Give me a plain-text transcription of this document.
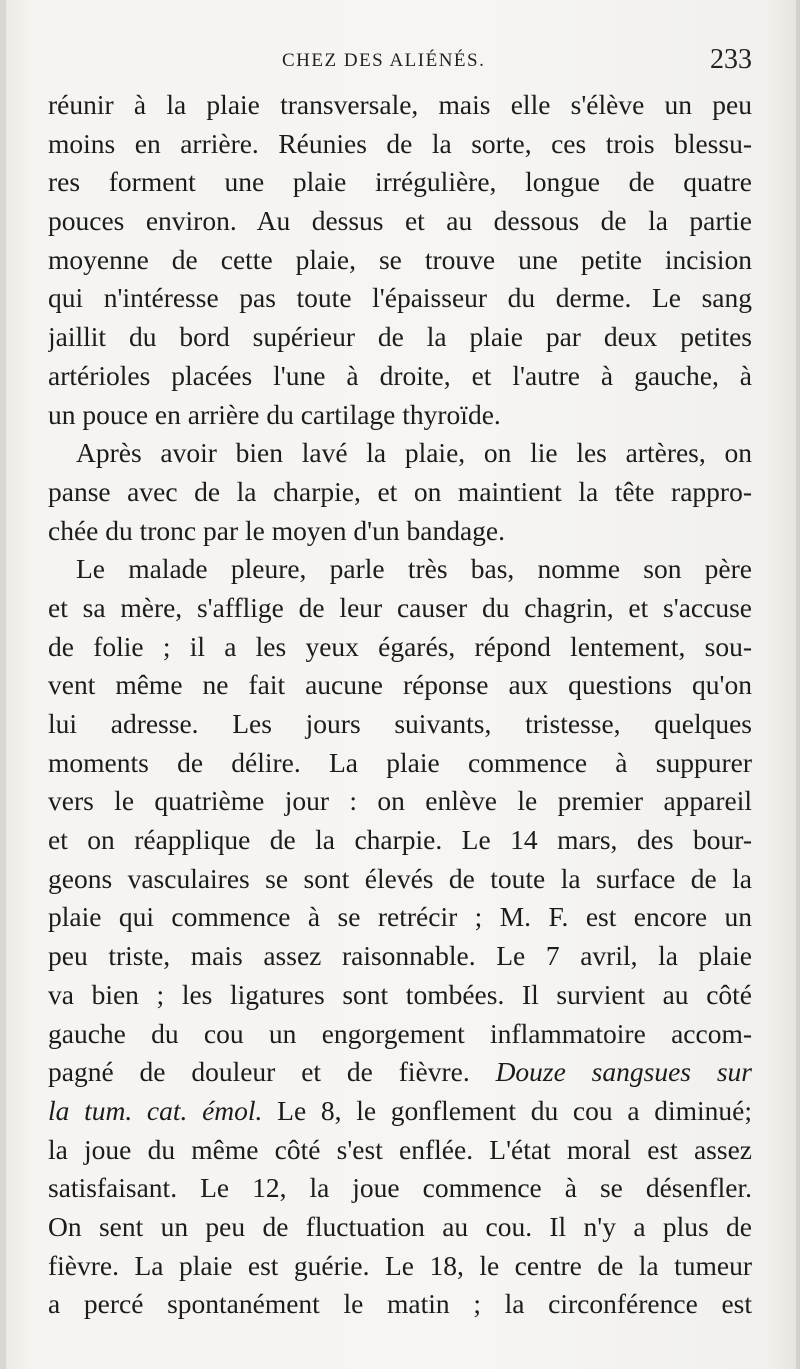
CHEZ DES ALIÉNÉS.	233
réunir à la plaie transversale, mais elle s'élève un peu
moins en arrière. Réunies de la sorte, ces trois blessu-
res forment une plaie irrégulière, longue de quatre
pouces environ. Au dessus et au dessous de la partie
moyenne de cette plaie, se trouve une petite incision
qui n'intéresse pas toute l'épaisseur du derme. Le sang
jaillit du bord supérieur de la plaie par deux petites
artérioles placées l'une à droite, et l'autre à gauche, à
un pouce en arrière du cartilage thyroïde.
Après avoir bien lavé la plaie, on lie les artères, on
panse avec de la charpie, et on maintient la tête rappro-
chée du tronc par le moyen d'un bandage.
Le malade pleure, parle très bas, nomme son père
et sa mère, s'afflige de leur causer du chagrin, et s'accuse
de folie ; il a les yeux égarés, répond lentement, sou-
vent même ne fait aucune réponse aux questions qu'on
lui adresse. Les jours suivants, tristesse, quelques
moments de délire. La plaie commence à suppurer
vers le quatrième jour : on enlève le premier appareil
et on réapplique de la charpie. Le 14 mars, des bour-
geons vasculaires se sont élevés de toute la surface de la
plaie qui commence à se retrécir ; M. F. est encore un
peu triste, mais assez raisonnable. Le 7 avril, la plaie
va bien ; les ligatures sont tombées. Il survient au côté
gauche du cou un engorgement inflammatoire accom-
pagné de douleur et de fièvre. Douze sangsues sur
la tum. cat. émol. Le 8, le gonflement du cou a diminué;
la joue du même côté s'est enflée. L'état moral est assez
satisfaisant. Le 12, la joue commence à se désenfler.
On sent un peu de fluctuation au cou. Il n'y a plus de
fièvre. La plaie est guérie. Le 18, le centre de la tumeur
a percé spontanément le matin ; la circonférence est
